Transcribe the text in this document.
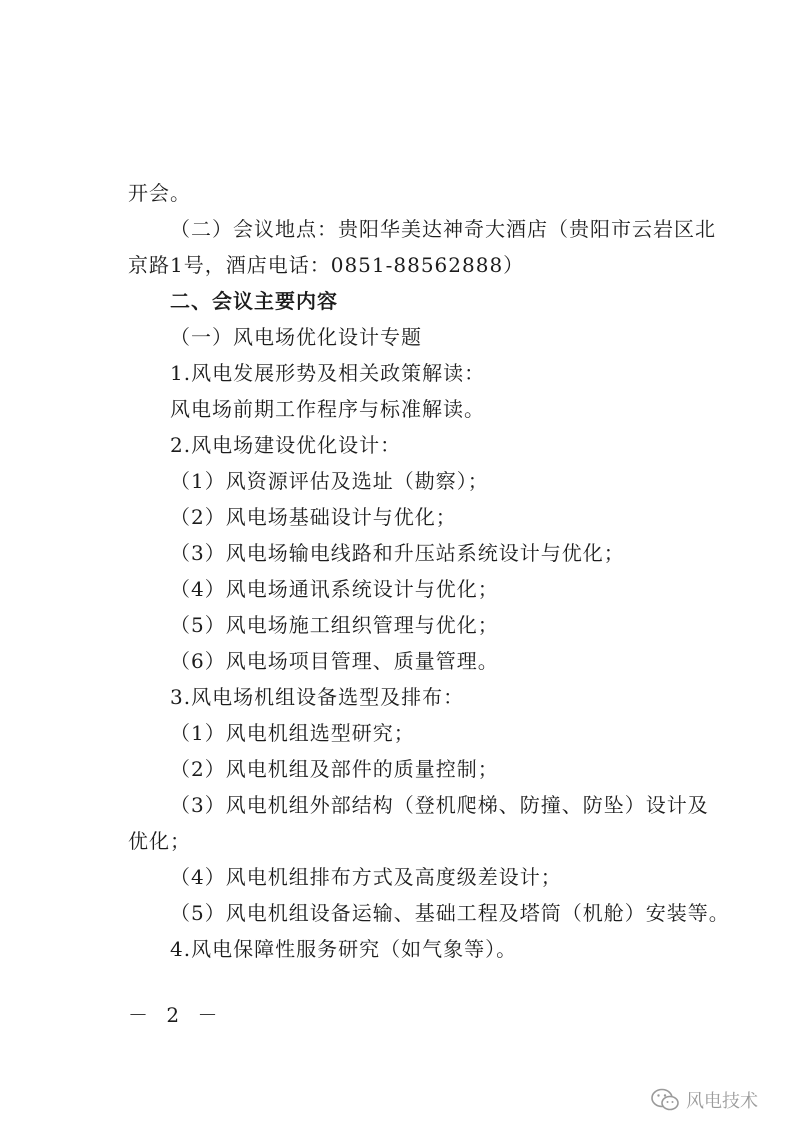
开会。
（二）会议地点：贵阳华美达神奇大酒店（贵阳市云岩区北
京路1号，酒店电话：0851-88562888）
二、会议主要内容
（一）风电场优化设计专题
1.风电发展形势及相关政策解读：
风电场前期工作程序与标准解读。
2.风电场建设优化设计：
（1）风资源评估及选址（勘察）；
（2）风电场基础设计与优化；
（3）风电场输电线路和升压站系统设计与优化；
（4）风电场通讯系统设计与优化；
（5）风电场施工组织管理与优化；
（6）风电场项目管理、质量管理。
3.风电场机组设备选型及排布：
（1）风电机组选型研究；
（2）风电机组及部件的质量控制；
（3）风电机组外部结构（登机爬梯、防撞、防坠）设计及
优化；
（4）风电机组排布方式及高度级差设计；
（5）风电机组设备运输、基础工程及塔筒（机舱）安装等。
4.风电保障性服务研究（如气象等）。
－ 2 －
风电技术
